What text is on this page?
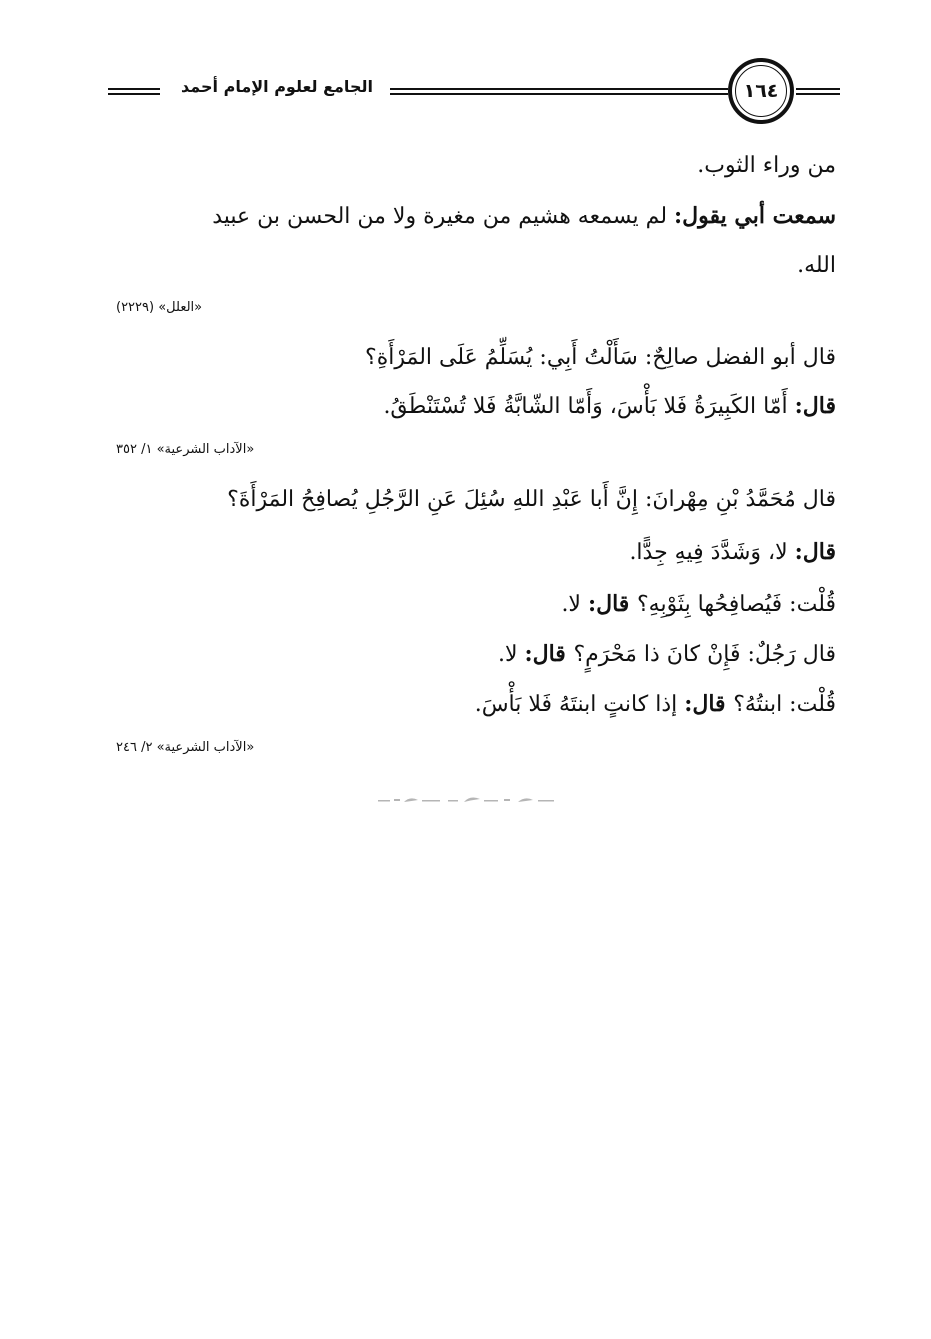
الجامع لعلوم الإمام أحمد	١٦٤
من وراء الثوب.
سمعت أبي يقول: لم يسمعه هشيم من مغيرة ولا من الحسن بن عبيد
الله.
«العلل» (٢٢٢٩)
قال أبو الفضل صالِحٌ: سَأَلْتُ أَبِي: يُسَلِّمُ عَلَى المَرْأَةِ؟
قال: أَمّا الكَبِيرَةُ فَلا بَأْسَ، وَأَمّا الشّابَّةُ فَلا تُسْتَنْطَقُ.
«الآداب الشرعية» ١/ ٣٥٢
قال مُحَمَّدُ بْنِ مِهْرانَ: إِنَّ أَبا عَبْدِ اللهِ سُئِلَ عَنِ الرَّجُلِ يُصافِحُ المَرْأَةَ؟
قال: لا، وَشَدَّدَ فِيهِ جِدًّا.
قُلْت: فَيُصافِحُها بِثَوْبِهِ؟ قال: لا.
قال رَجُلٌ: فَإِنْ كانَ ذا مَحْرَمٍ؟ قال: لا.
قُلْت: ابنتُهُ؟ قال: إذا كانتٍ ابنتَهُ فَلا بَأْسَ.
«الآداب الشرعية» ٢/ ٢٤٦
